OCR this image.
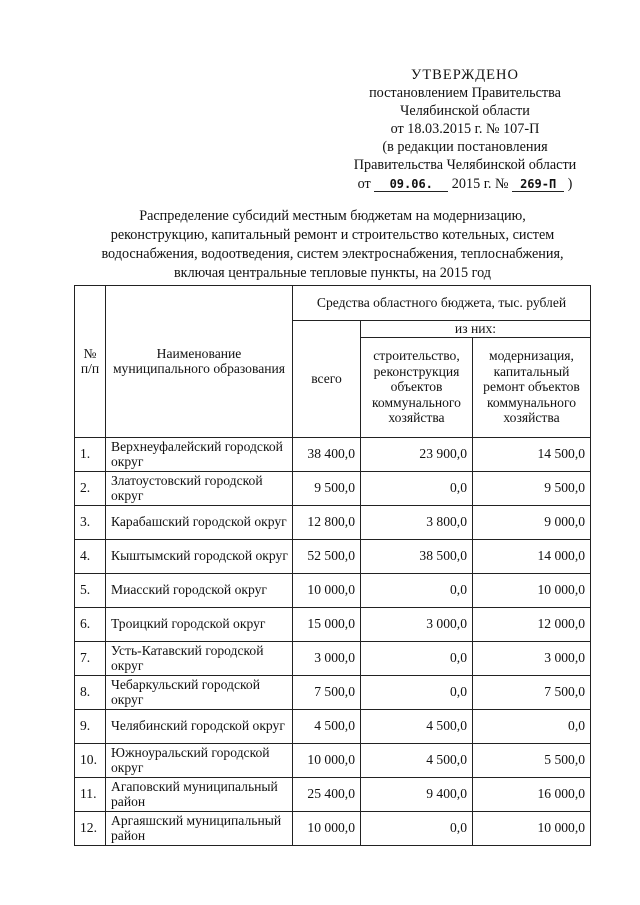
УТВЕРЖДЕНО
постановлением Правительства
Челябинской области
от 18.03.2015 г. № 107-П
(в редакции постановления
Правительства Челябинской области
от 09.06. 2015 г. № 269-П )
Распределение субсидий местным бюджетам на модернизацию,
реконструкцию, капитальный ремонт и строительство котельных, систем
водоснабжения, водоотведения, систем электроснабжения, теплоснабжения,
включая центральные тепловые пункты, на 2015 год
№ п/п	Наименование муниципального образования	Средства областного бюджета, тыс. рублей		
		всего	из них:	
			строительство, реконструкция объектов коммунального хозяйства	модернизация, капитальный ремонт объектов коммунального хозяйства
1.	Верхнеуфалейский городской округ	38 400,0	23 900,0	14 500,0
2.	Златоустовский городской округ	9 500,0	0,0	9 500,0
3.	Карабашский городской округ	12 800,0	3 800,0	9 000,0
4.	Кыштымский городской округ	52 500,0	38 500,0	14 000,0
5.	Миасский городской округ	10 000,0	0,0	10 000,0
6.	Троицкий городской округ	15 000,0	3 000,0	12 000,0
7.	Усть-Катавский городской округ	3 000,0	0,0	3 000,0
8.	Чебаркульский городской округ	7 500,0	0,0	7 500,0
9.	Челябинский городской округ	4 500,0	4 500,0	0,0
10.	Южноуральский городской округ	10 000,0	4 500,0	5 500,0
11.	Агаповский муниципальный район	25 400,0	9 400,0	16 000,0
12.	Аргаяшский муниципальный район	10 000,0	0,0	10 000,0
